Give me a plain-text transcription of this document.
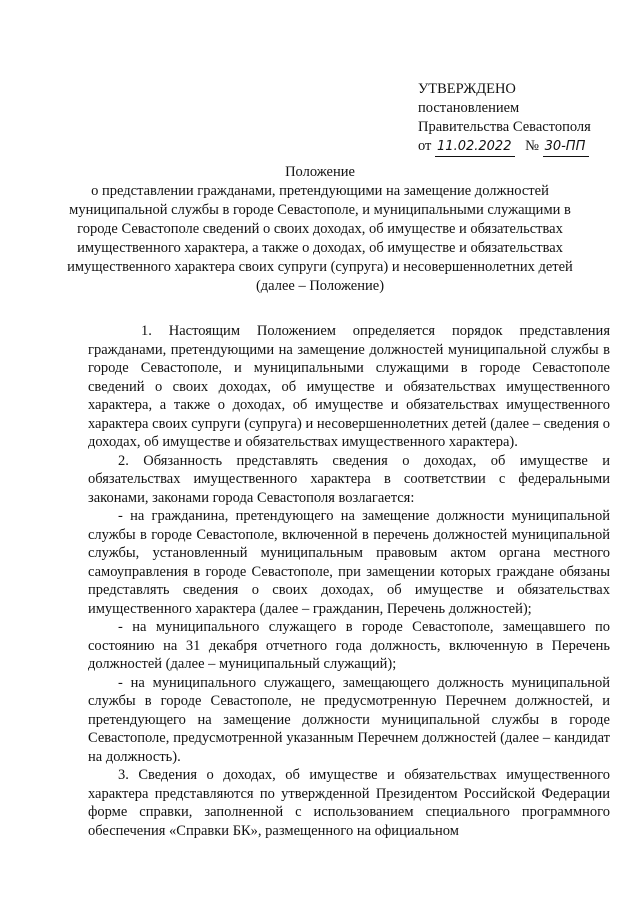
УТВЕРЖДЕНО
постановлением
Правительства Севастополя
от 11.02.2022 № 30-ПП
Положение
о представлении гражданами, претендующими на замещение должностей муниципальной службы в городе Севастополе, и муниципальными служащими в городе Севастополе сведений о своих доходах, об имуществе и обязательствах имущественного характера, а также о доходах, об имуществе и обязательствах имущественного характера своих супруги (супруга) и несовершеннолетних детей (далее – Положение)

1. Настоящим Положением определяется порядок представления гражданами, претендующими на замещение должностей муниципальной службы в городе Севастополе, и муниципальными служащими в городе Севастополе сведений о своих доходах, об имуществе и обязательствах имущественного характера, а также о доходах, об имуществе и обязательствах имущественного характера своих супруги (супруга) и несовершеннолетних детей (далее – сведения о доходах, об имуществе и обязательствах имущественного характера).

2. Обязанность представлять сведения о доходах, об имуществе и обязательствах имущественного характера в соответствии с федеральными законами, законами города Севастополя возлагается:

- на гражданина, претендующего на замещение должности муниципальной службы в городе Севастополе, включенной в перечень должностей муниципальной службы, установленный муниципальным правовым актом органа местного самоуправления в городе Севастополе, при замещении которых граждане обязаны представлять сведения о своих доходах, об имуществе и обязательствах имущественного характера (далее – гражданин, Перечень должностей);

- на муниципального служащего в городе Севастополе, замещавшего по состоянию на 31 декабря отчетного года должность, включенную в Перечень должностей (далее – муниципальный служащий);

- на муниципального служащего, замещающего должность муниципальной службы в городе Севастополе, не предусмотренную Перечнем должностей, и претендующего на замещение должности муниципальной службы в городе Севастополе, предусмотренной указанным Перечнем должностей (далее – кандидат на должность).

3. Сведения о доходах, об имуществе и обязательствах имущественного характера представляются по утвержденной Президентом Российской Федерации форме справки, заполненной с использованием специального программного обеспечения «Справки БК», размещенного на официальном
